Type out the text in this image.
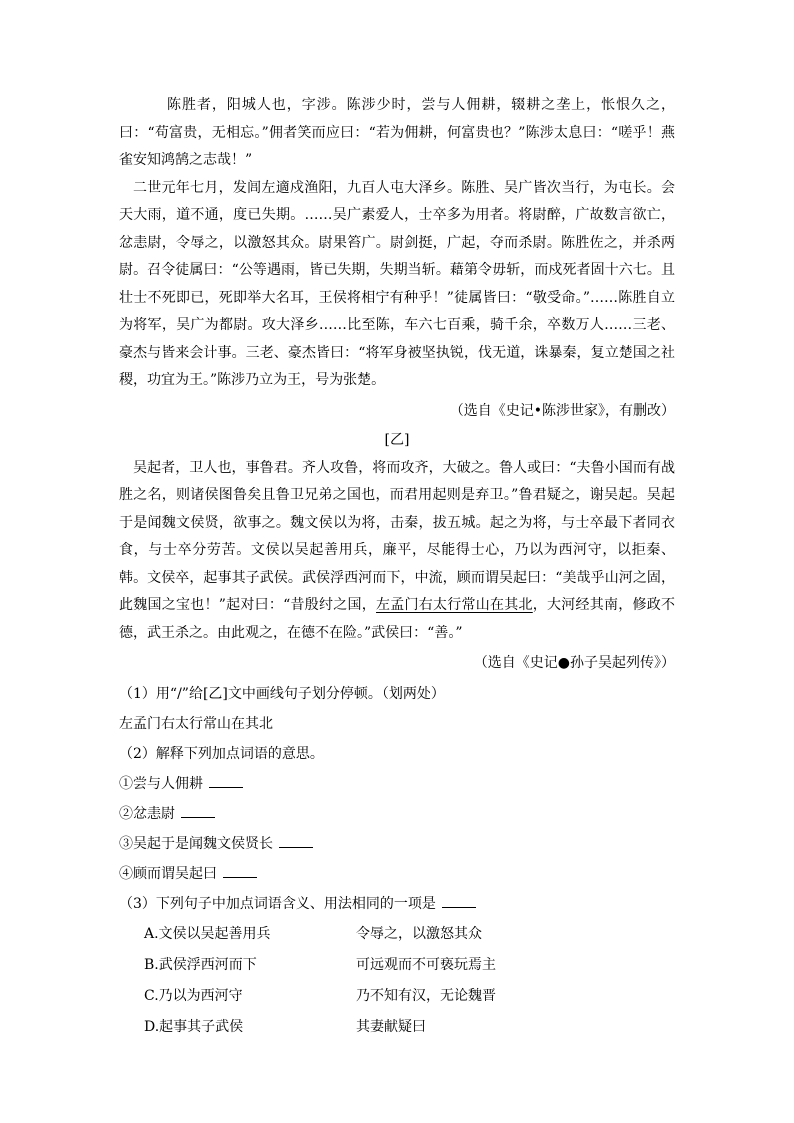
陈胜者，阳城人也，字涉。陈涉少时，尝与人佣耕，辍耕之垄上，怅恨久之，曰：“苟富贵，无相忘。”佣者笑而应曰：“若为佣耕，何富贵也？”陈涉太息曰：“嗟乎！燕雀安知鸿鹄之志哉！”

二世元年七月，发闾左適戍渔阳，九百人屯大泽乡。陈胜、吴广皆次当行，为屯长。会天大雨，道不通，度已失期。……吴广素爱人，士卒多为用者。将尉醉，广故数言欲亡，忿恚尉，令辱之，以激怒其众。尉果笞广。尉剑挺，广起，夺而杀尉。陈胜佐之，并杀两尉。召令徒属曰：“公等遇雨，皆已失期，失期当斩。藉第令毋斩，而戍死者固十六七。且壮士不死即已，死即举大名耳，王侯将相宁有种乎！”徒属皆曰：“敬受命。”……陈胜自立为将军，吴广为都尉。攻大泽乡……比至陈，车六七百乘，骑千余，卒数万人……三老、豪杰与皆来会计事。三老、豪杰皆曰：“将军身被坚执锐，伐无道，诛暴秦，复立楚国之社稷，功宜为王。”陈涉乃立为王，号为张楚。

（选自《史记•陈涉世家》，有删改）

[乙]

吴起者，卫人也，事鲁君。齐人攻鲁，将而攻齐，大破之。鲁人或曰：“夫鲁小国而有战胜之名，则诸侯图鲁矣且鲁卫兄弟之国也，而君用起则是弃卫。”鲁君疑之，谢吴起。吴起于是闻魏文侯贤，欲事之。魏文侯以为将，击秦，拔五城。起之为将，与士卒最下者同衣食，与士卒分劳苦。文侯以吴起善用兵，廉平，尽能得士心，乃以为西河守，以拒秦、韩。文侯卒，起事其子武侯。武侯浮西河而下，中流，顾而谓吴起曰：“美哉乎山河之固，此魏国之宝也！”起对曰：“昔殷纣之国，左孟门右太行常山在其北，大河经其南，修政不德，武王杀之。由此观之，在德不在险。”武侯曰：“善。”

（选自《史记●孙子吴起列传》）

（1）用“/”给[乙]文中画线句子划分停顿。（划两处）

左孟门右太行常山在其北

（2）解释下列加点词语的意思。

①尝与人佣耕

②忿恚尉

③吴起于是闻魏文侯贤长

④顾而谓吴起曰

（3）下列句子中加点词语含义、用法相同的一项是

A.文侯以吴起善用兵	令辱之，以激怒其众
B.武侯浮西河而下	可远观而不可亵玩焉主
C.乃以为西河守	乃不知有汉，无论魏晋
D.起事其子武侯	其妻献疑曰
